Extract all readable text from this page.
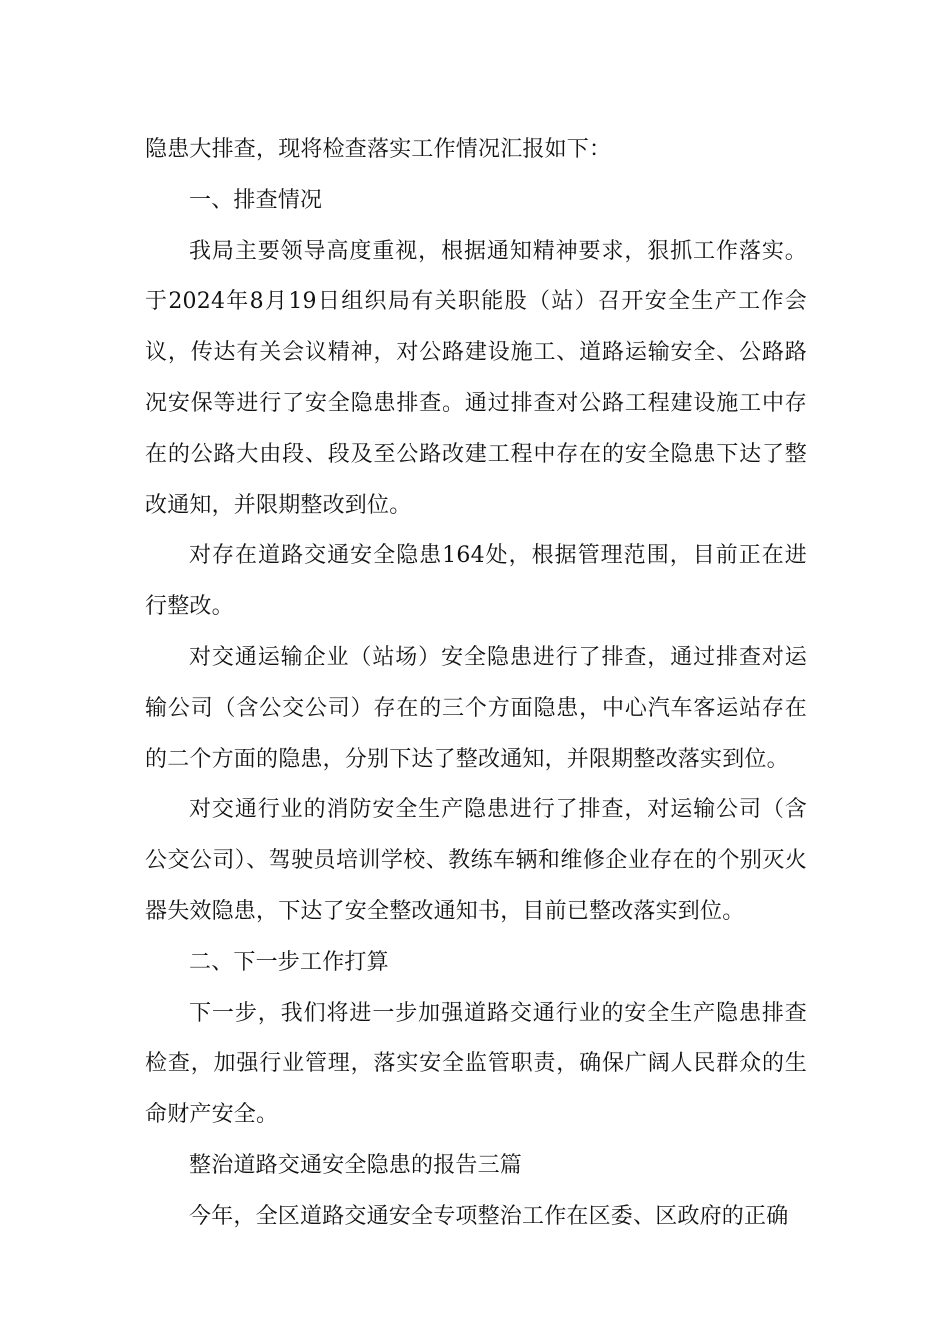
隐患大排查，现将检查落实工作情况汇报如下：

一、排查情况

我局主要领导高度重视，根据通知精神要求，狠抓工作落实。于2024年8月19日组织局有关职能股（站）召开安全生产工作会议，传达有关会议精神，对公路建设施工、道路运输安全、公路路况安保等进行了安全隐患排查。通过排查对公路工程建设施工中存在的公路大由段、段及至公路改建工程中存在的安全隐患下达了整改通知，并限期整改到位。

对存在道路交通安全隐患164处，根据管理范围，目前正在进行整改。

对交通运输企业（站场）安全隐患进行了排查，通过排查对运输公司（含公交公司）存在的三个方面隐患，中心汽车客运站存在的二个方面的隐患，分别下达了整改通知，并限期整改落实到位。

对交通行业的消防安全生产隐患进行了排查，对运输公司（含公交公司）、驾驶员培训学校、教练车辆和维修企业存在的个别灭火器失效隐患，下达了安全整改通知书，目前已整改落实到位。

二、下一步工作打算

下一步，我们将进一步加强道路交通行业的安全生产隐患排查检查，加强行业管理，落实安全监管职责，确保广阔人民群众的生命财产安全。

整治道路交通安全隐患的报告三篇

今年，全区道路交通安全专项整治工作在区委、区政府的正确
